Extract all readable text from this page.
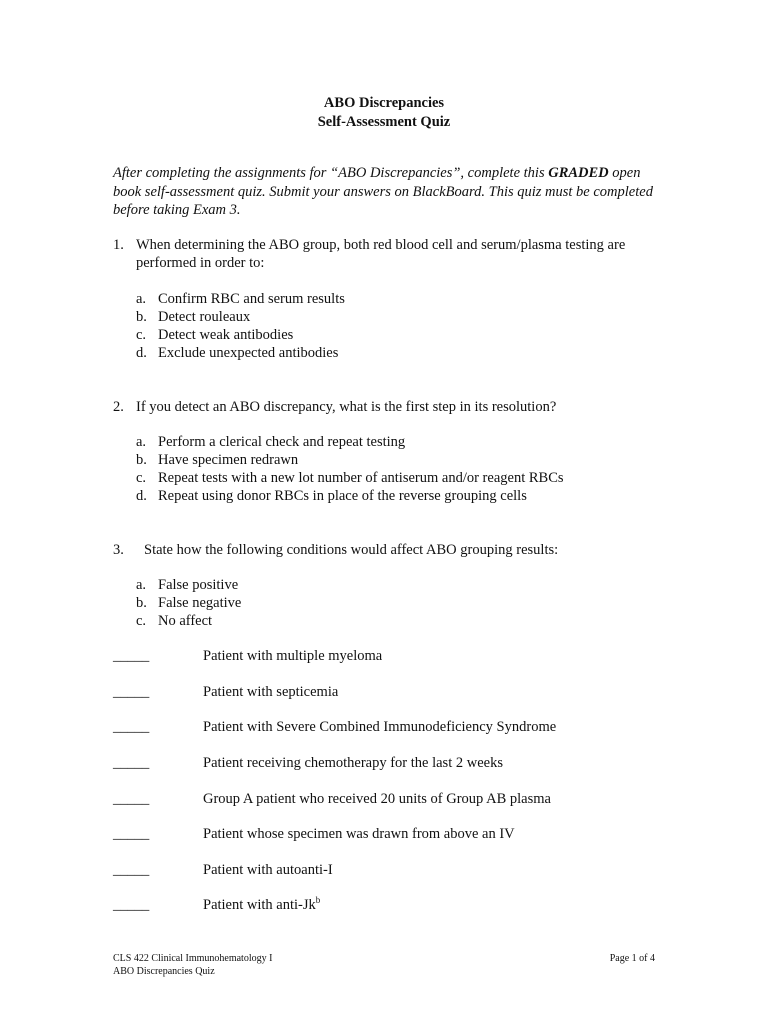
ABO Discrepancies
Self-Assessment Quiz
After completing the assignments for “ABO Discrepancies”, complete this GRADED open book self-assessment quiz. Submit your answers on BlackBoard. This quiz must be completed before taking Exam 3.
1. When determining the ABO group, both red blood cell and serum/plasma testing are performed in order to:
a. Confirm RBC and serum results
b. Detect rouleaux
c. Detect weak antibodies
d. Exclude unexpected antibodies
2. If you detect an ABO discrepancy, what is the first step in its resolution?
a. Perform a clerical check and repeat testing
b. Have specimen redrawn
c. Repeat tests with a new lot number of antiserum and/or reagent RBCs
d. Repeat using donor RBCs in place of the reverse grouping cells
3. State how the following conditions would affect ABO grouping results:
a. False positive
b. False negative
c. No affect
_____	Patient with multiple myeloma
_____	Patient with septicemia
_____	Patient with Severe Combined Immunodeficiency Syndrome
_____	Patient receiving chemotherapy for the last 2 weeks
_____	Group A patient who received 20 units of Group AB plasma
_____	Patient whose specimen was drawn from above an IV
_____	Patient with autoanti-I
_____	Patient with anti-Jk$^b$
CLS 422 Clinical Immunohematology I
ABO Discrepancies Quiz
Page 1 of 4
